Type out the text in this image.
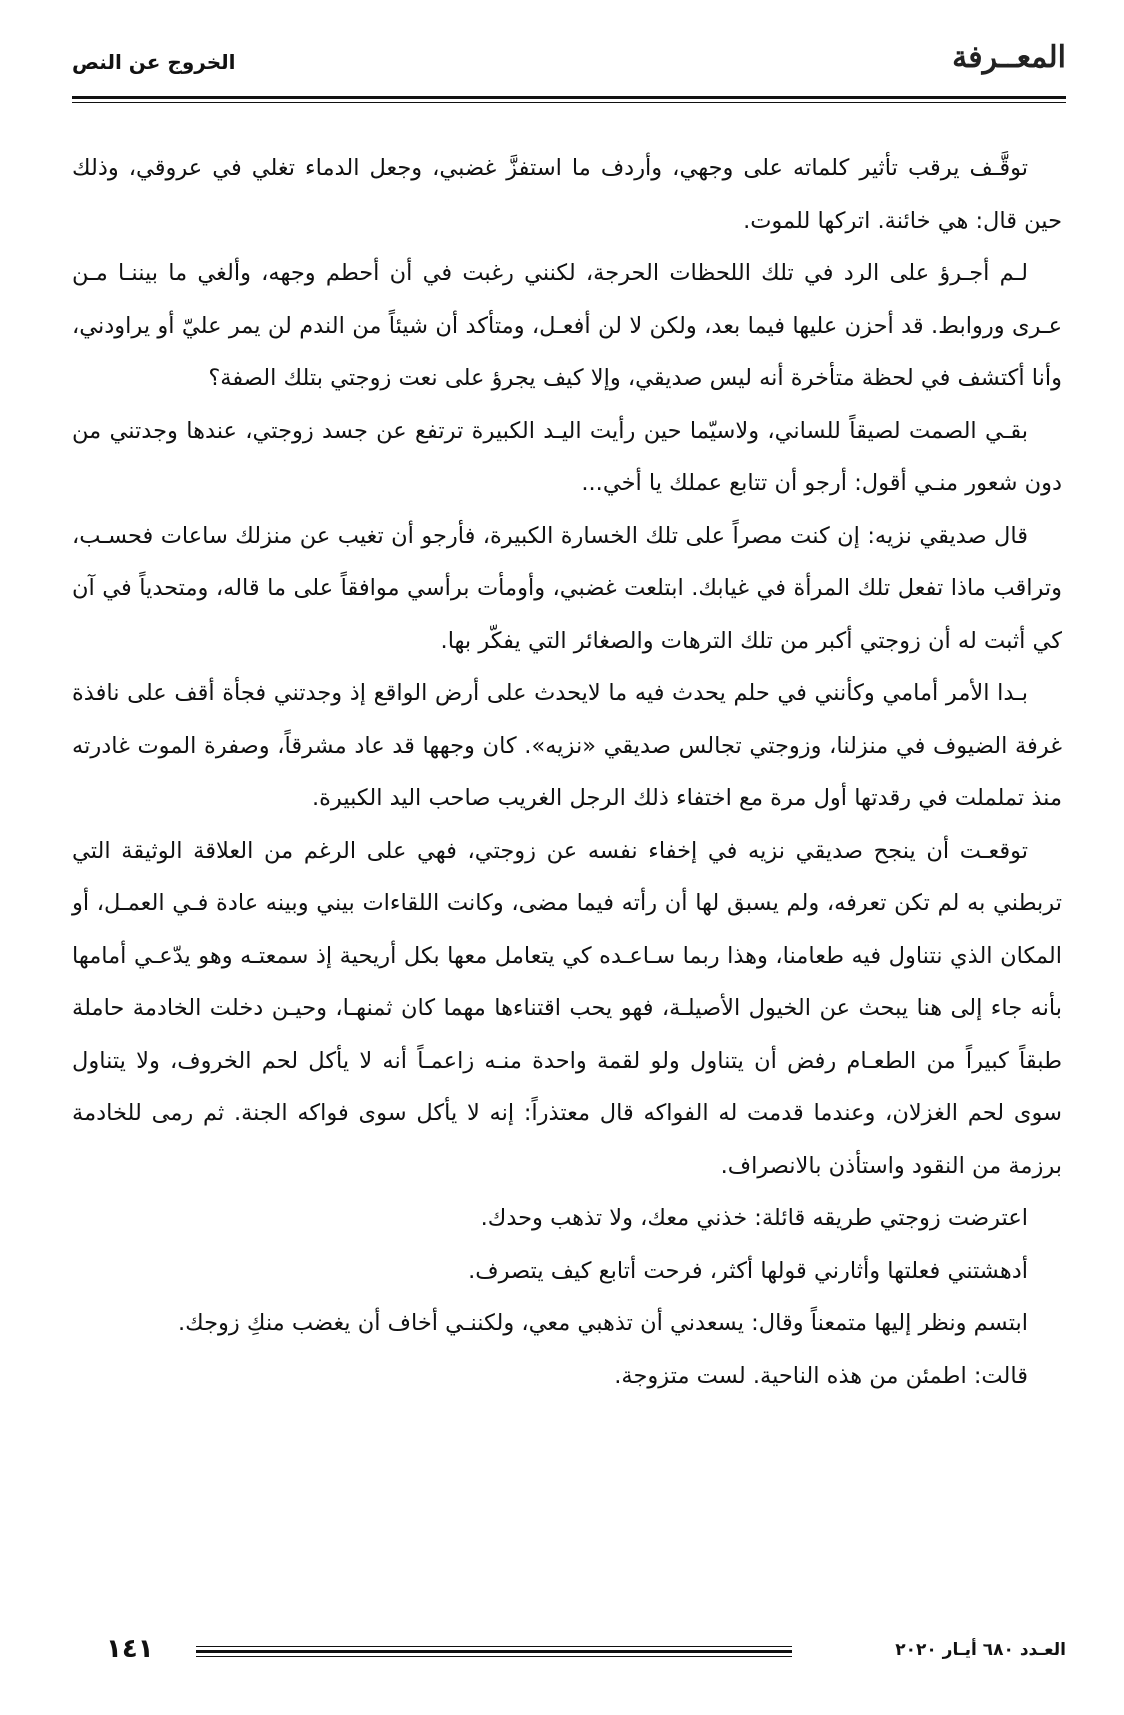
المعــرفة
الخروج عن النص

توقَّـف يرقب تأثير كلماته على وجهي، وأردف ما استفزَّ غضبي، وجعل الدماء تغلي في عروقي، وذلك حين قال: هي خائنة. اتركها للموت.

لـم أجـرؤ على الرد في تلك اللحظات الحرجة، لكنني رغبت في أن أحطم وجهه، وألغي ما بيننـا مـن عـرى وروابط. قد أحزن عليها فيما بعد، ولكن لا لن أفعـل، ومتأكد أن شيئاً من الندم لن يمر عليّ أو يراودني، وأنا أكتشف في لحظة متأخرة أنه ليس صديقي، وإلا كيف يجرؤ على نعت زوجتي بتلك الصفة؟

بقـي الصمت لصيقاً للساني، ولاسيّما حين رأيت اليـد الكبيرة ترتفع عن جسد زوجتي، عندها وجدتني من دون شعور منـي أقول: أرجو أن تتابع عملك يا أخي...

قال صديقي نزيه: إن كنت مصراً على تلك الخسارة الكبيرة، فأرجو أن تغيب عن منزلك ساعات فحسـب، وتراقب ماذا تفعل تلك المرأة في غيابك. ابتلعت غضبي، وأومأت برأسي موافقاً على ما قاله، ومتحدياً في آن كي أثبت له أن زوجتي أكبر من تلك الترهات والصغائر التي يفكّر بها.

بـدا الأمر أمامي وكأنني في حلم يحدث فيه ما لايحدث على أرض الواقع إذ وجدتني فجأة أقف على نافذة غرفة الضيوف في منزلنا، وزوجتي تجالس صديقي «نزيه». كان وجهها قد عاد مشرقاً، وصفرة الموت غادرته منذ تململت في رقدتها أول مرة مع اختفاء ذلك الرجل الغريب صاحب اليد الكبيرة.

توقعـت أن ينجح صديقي نزيه في إخفاء نفسه عن زوجتي، فهي على الرغم من العلاقة الوثيقة التي تربطني به لم تكن تعرفه، ولم يسبق لها أن رأته فيما مضى، وكانت اللقاءات بيني وبينه عادة فـي العمـل، أو المكان الذي نتناول فيه طعامنا، وهذا ربما سـاعـده كي يتعامل معها بكل أريحية إذ سمعتـه وهو يدّعـي أمامها بأنه جاء إلى هنا يبحث عن الخيول الأصيلـة، فهو يحب اقتناءها مهما كان ثمنهـا، وحيـن دخلت الخادمة حاملة طبقاً كبيراً من الطعـام رفض أن يتناول ولو لقمة واحدة منـه زاعمـاً أنه لا يأكل لحم الخروف، ولا يتناول سوى لحم الغزلان، وعندما قدمت له الفواكه قال معتذراً: إنه لا يأكل سوى فواكه الجنة. ثم رمى للخادمة برزمة من النقود واستأذن بالانصراف.

اعترضت زوجتي طريقه قائلة: خذني معك، ولا تذهب وحدك.

أدهشتني فعلتها وأثارني قولها أكثر، فرحت أتابع كيف يتصرف.

ابتسم ونظر إليها متمعناً وقال: يسعدني أن تذهبي معي، ولكننـي أخاف أن يغضب منكِ زوجك.

قالت: اطمئن من هذه الناحية. لست متزوجة.

العـدد ٦٨٠ أيـار ٢٠٢٠
١٤١
